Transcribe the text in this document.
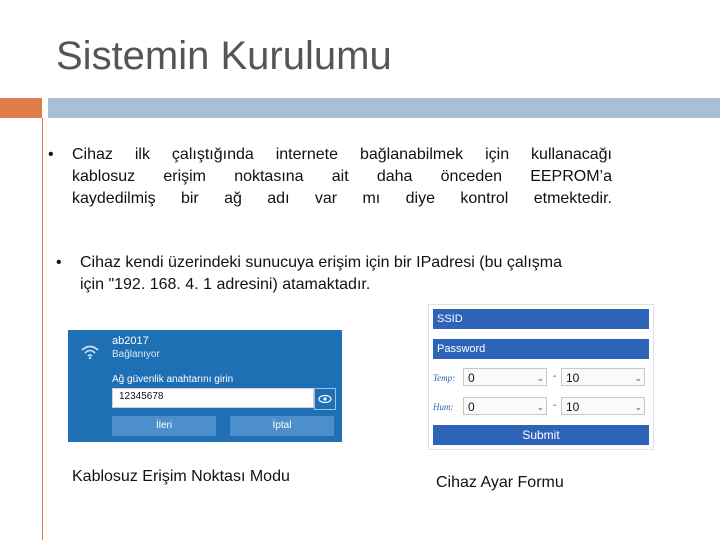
Sistemin Kurulumu
• Cihaz ilk çalıştığında internete bağlanabilmek için kullanacağı
kablosuz erişim noktasına ait daha önceden EEPROM’a
kaydedilmiş bir ağ adı var mı diye kontrol etmektedir.
• Cihaz kendi üzerindeki sunucuya erişim için bir IPadresi (bu çalışma
için "192. 168. 4. 1 adresini) atamaktadır.
ab2017
Bağlanıyor
Ağ güvenlik anahtarını girin
12345678
İleri	İptal
Kablosuz Erişim Noktası Modu
SSID
Password
Temp:	0	⌄ - 10	⌄
Hum:	0	⌄ - 10	⌄
Submit
Cihaz Ayar Formu
